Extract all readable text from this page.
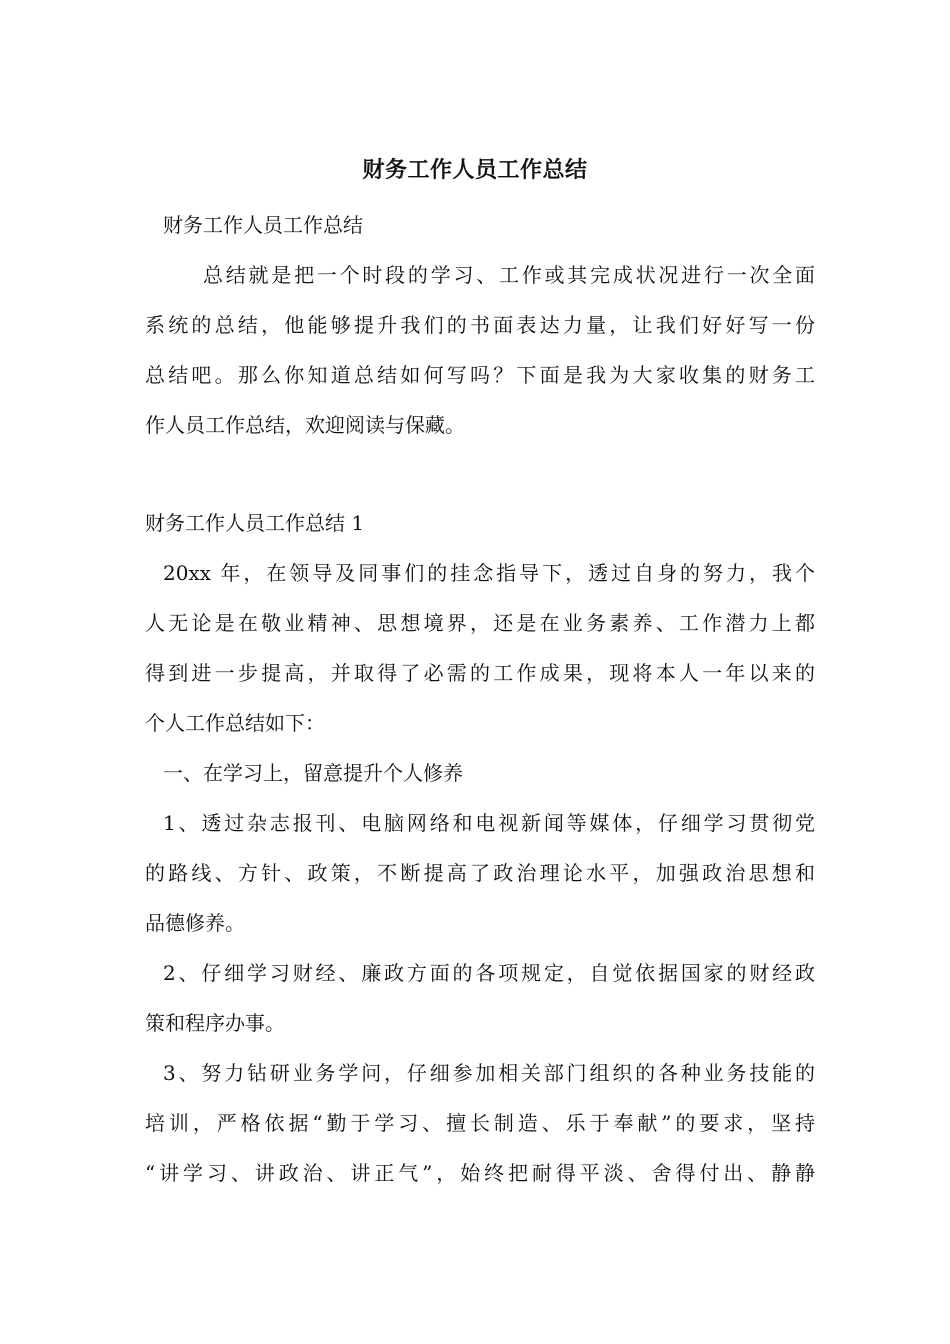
财务工作人员工作总结
财务工作人员工作总结
总结就是把一个时段的学习、工作或其完成状况进行一次全面
系统的总结，他能够提升我们的书面表达力量，让我们好好写一份
总结吧。那么你知道总结如何写吗？下面是我为大家收集的财务工
作人员工作总结，欢迎阅读与保藏。
财务工作人员工作总结 1
20xx 年，在领导及同事们的挂念指导下，透过自身的努力，我个
人无论是在敬业精神、思想境界，还是在业务素养、工作潜力上都
得到进一步提高，并取得了必需的工作成果，现将本人一年以来的
个人工作总结如下：
一、在学习上，留意提升个人修养
1、透过杂志报刊、电脑网络和电视新闻等媒体，仔细学习贯彻党
的路线、方针、政策，不断提高了政治理论水平，加强政治思想和
品德修养。
2、仔细学习财经、廉政方面的各项规定，自觉依据国家的财经政
策和程序办事。
3、努力钻研业务学问，仔细参加相关部门组织的各种业务技能的
培训，严格依据“勤于学习、擅长制造、乐于奉献”的要求，坚持
“讲学习、讲政治、讲正气”，始终把耐得平淡、舍得付出、静静
